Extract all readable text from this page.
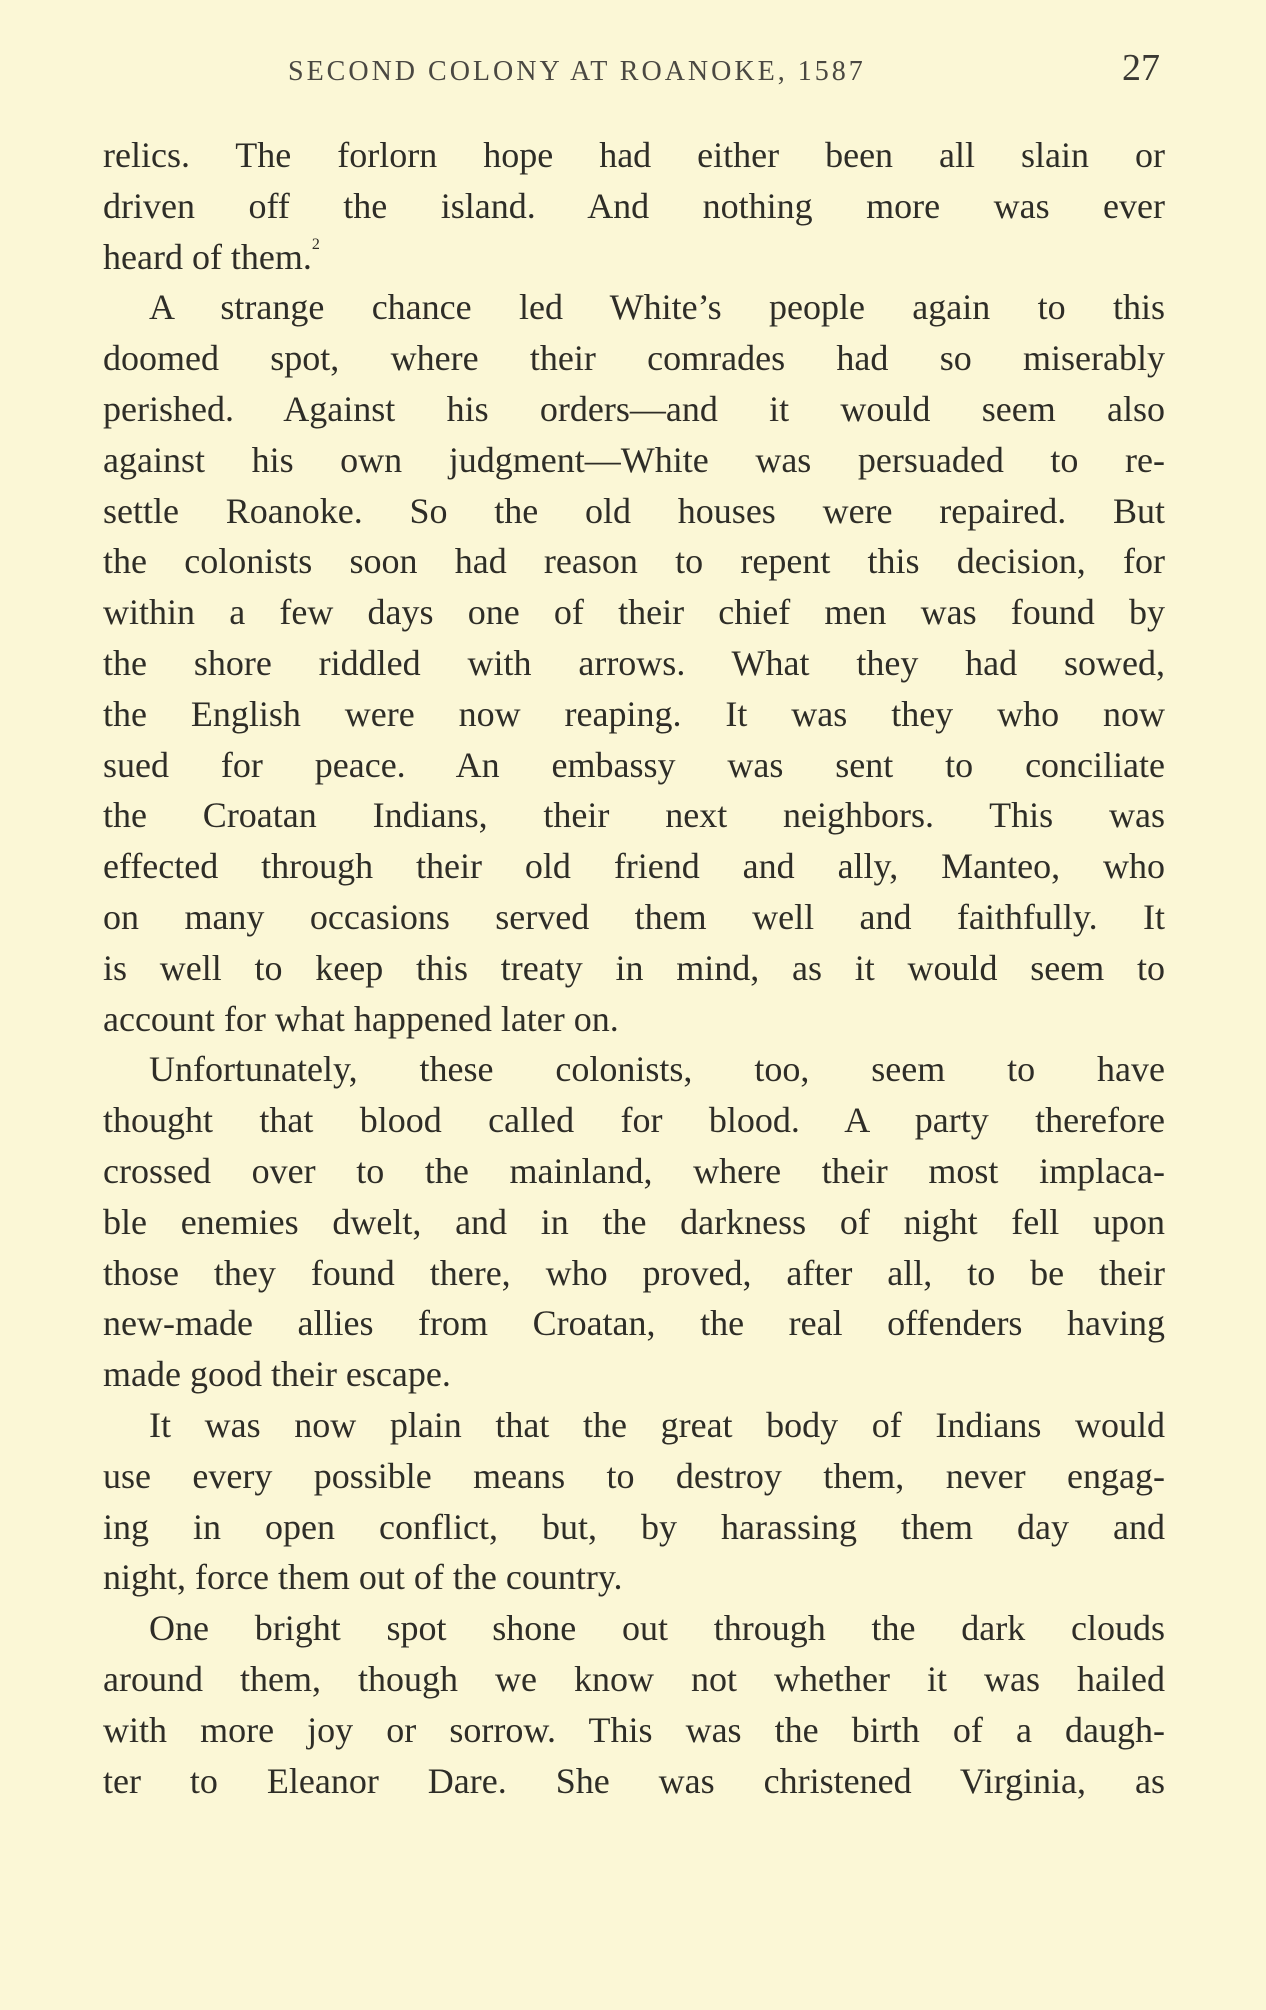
SECOND COLONY AT ROANOKE, 1587	27
relics. The forlorn hope had either been all slain or
driven off the island. And nothing more was ever
heard of them.$^2$
A strange chance led White’s people again to this
doomed spot, where their comrades had so miserably
perished. Against his orders—and it would seem also
against his own judgment—White was persuaded to re-
settle Roanoke. So the old houses were repaired. But
the colonists soon had reason to repent this decision, for
within a few days one of their chief men was found by
the shore riddled with arrows. What they had sowed,
the English were now reaping. It was they who now
sued for peace. An embassy was sent to conciliate
the Croatan Indians, their next neighbors. This was
effected through their old friend and ally, Manteo, who
on many occasions served them well and faithfully. It
is well to keep this treaty in mind, as it would seem to
account for what happened later on.
Unfortunately, these colonists, too, seem to have
thought that blood called for blood. A party therefore
crossed over to the mainland, where their most implaca-
ble enemies dwelt, and in the darkness of night fell upon
those they found there, who proved, after all, to be their
new-made allies from Croatan, the real offenders having
made good their escape.
It was now plain that the great body of Indians would
use every possible means to destroy them, never engag-
ing in open conflict, but, by harassing them day and
night, force them out of the country.
One bright spot shone out through the dark clouds
around them, though we know not whether it was hailed
with more joy or sorrow. This was the birth of a daugh-
ter to Eleanor Dare. She was christened Virginia, as
